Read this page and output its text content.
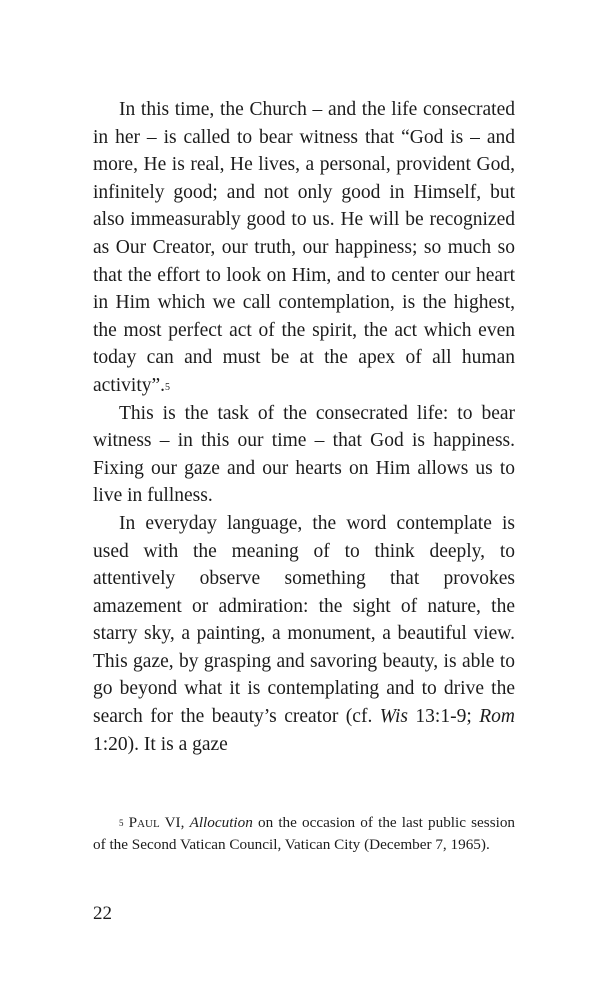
In this time, the Church – and the life consecrated in her – is called to bear witness that “God is – and more, He is real, He lives, a personal, provident God, infinitely good; and not only good in Himself, but also immeasurably good to us. He will be recognized as Our Creator, our truth, our happiness; so much so that the effort to look on Him, and to center our heart in Him which we call contemplation, is the highest, the most perfect act of the spirit, the act which even today can and must be at the apex of all human activity”.$^5$

This is the task of the consecrated life: to bear witness – in this our time – that God is happiness. Fixing our gaze and our hearts on Him allows us to live in fullness.

In everyday language, the word contemplate is used with the meaning of to think deeply, to attentively observe something that provokes amazement or admiration: the sight of nature, the starry sky, a painting, a monument, a beautiful view. This gaze, by grasping and savoring beauty, is able to go beyond what it is contemplating and to drive the search for the beauty’s creator (cf. Wis 13:1-9; Rom 1:20). It is a gaze

$^5$ Paul VI, Allocution on the occasion of the last public session of the Second Vatican Council, Vatican City (December 7, 1965).

22
